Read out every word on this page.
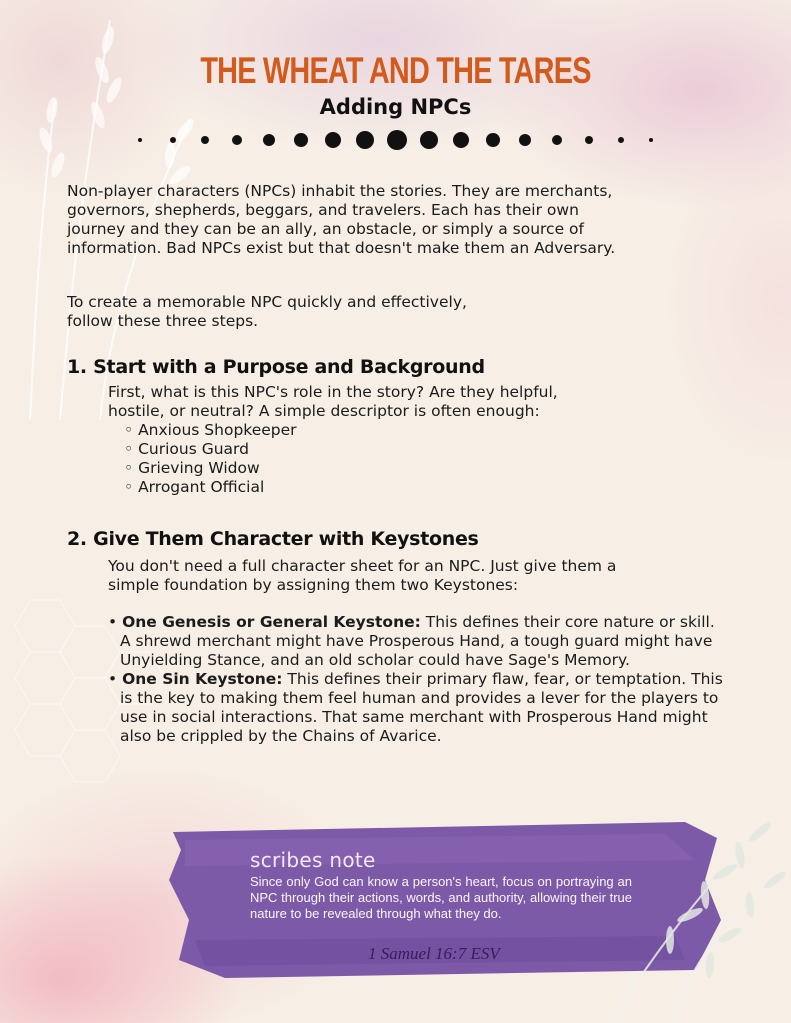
THE WHEAT AND THE TARES
Adding NPCs
Non-player characters (NPCs) inhabit the stories. They are merchants,
governors, shepherds, beggars, and travelers. Each has their own
journey and they can be an ally, an obstacle, or simply a source of
information. Bad NPCs exist but that doesn't make them an Adversary.
To create a memorable NPC quickly and effectively,
follow these three steps.
1. Start with a Purpose and Background
First, what is this NPC's role in the story? Are they helpful,
hostile, or neutral? A simple descriptor is often enough:
◦ Anxious Shopkeeper
◦ Curious Guard
◦ Grieving Widow
◦ Arrogant Official
2. Give Them Character with Keystones
You don't need a full character sheet for an NPC. Just give them a
simple foundation by assigning them two Keystones:
• One Genesis or General Keystone: This defines their core nature or skill. A shrewd merchant might have Prosperous Hand, a tough guard might have Unyielding Stance, and an old scholar could have Sage's Memory.
• One Sin Keystone: This defines their primary flaw, fear, or temptation. This is the key to making them feel human and provides a lever for the players to use in social interactions. That same merchant with Prosperous Hand might also be crippled by the Chains of Avarice.
scribes note
Since only God can know a person's heart, focus on portraying an NPC through their actions, words, and authority, allowing their true nature to be revealed through what they do.
1 Samuel 16:7 ESV
